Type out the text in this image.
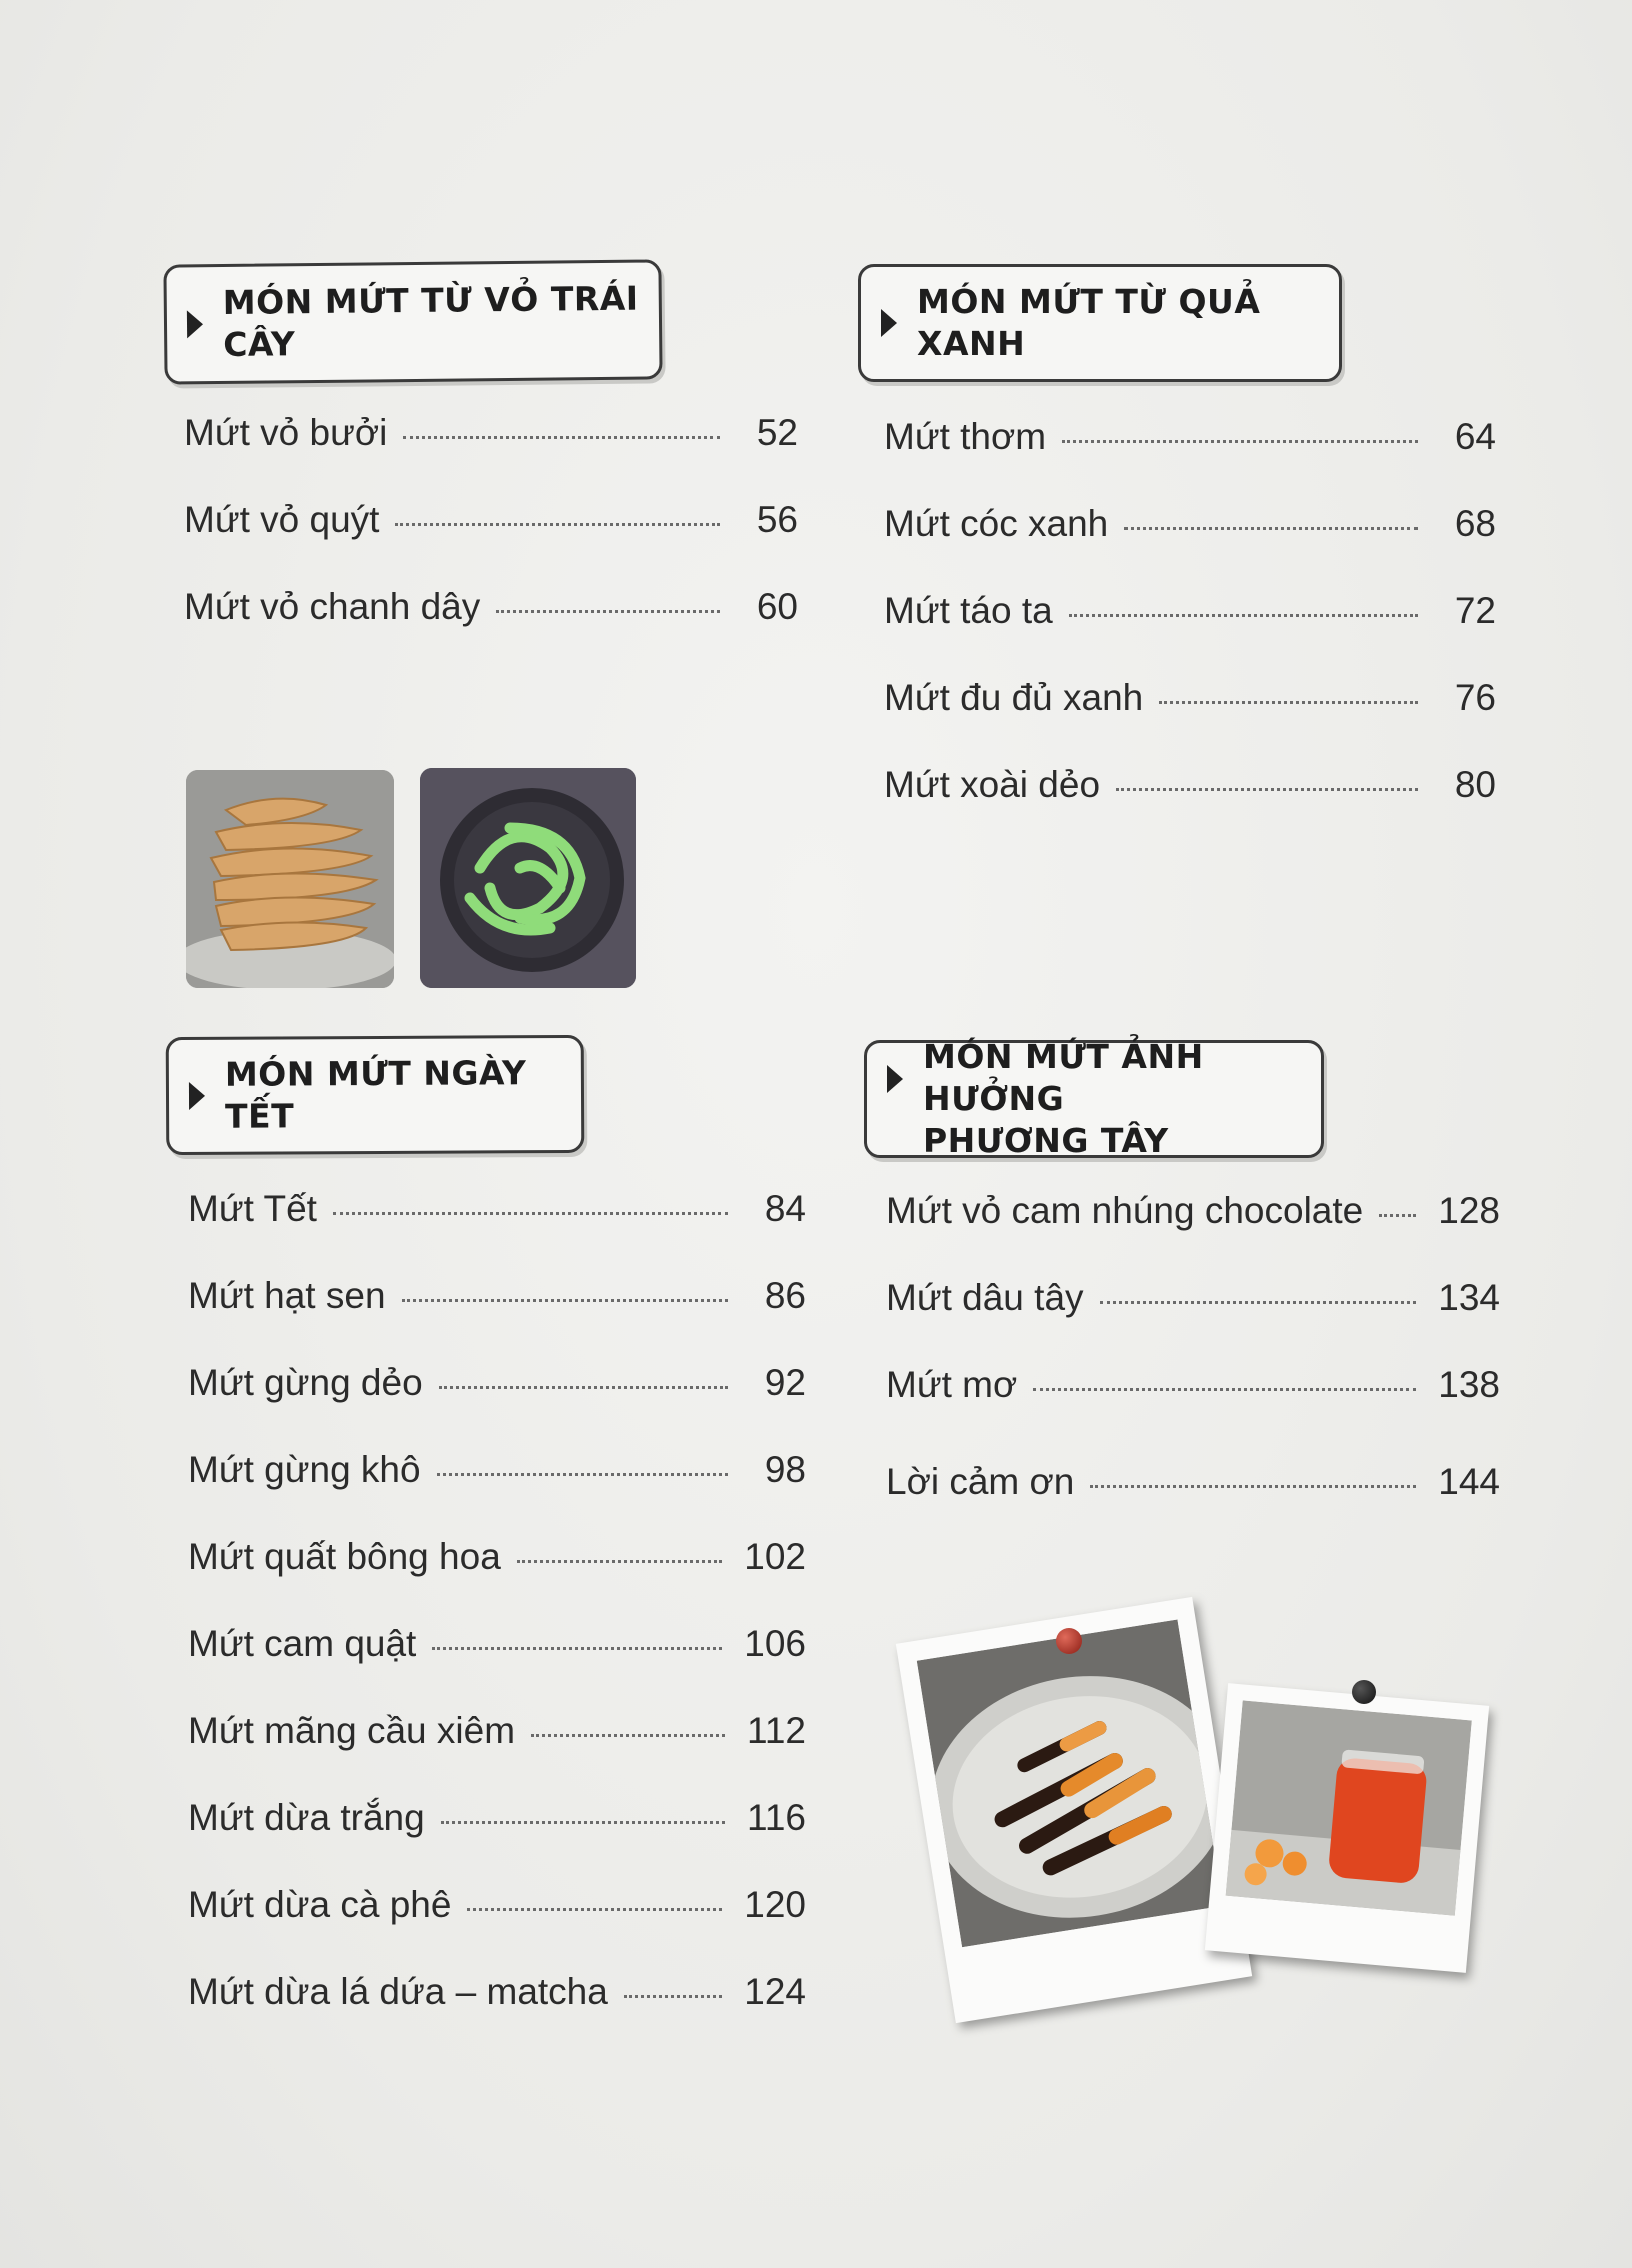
MÓN MỨT TỪ VỎ TRÁI CÂY
Mứt vỏ bưởi	52
Mứt vỏ quýt	56
Mứt vỏ chanh dây	60
MÓN MỨT TỪ QUẢ XANH
Mứt thơm	64
Mứt cóc xanh	68
Mứt táo ta	72
Mứt đu đủ xanh	76
Mứt xoài dẻo	80
MÓN MỨT NGÀY TẾT
Mứt Tết	84
Mứt hạt sen	86
Mứt gừng dẻo	92
Mứt gừng khô	98
Mứt quất bông hoa	102
Mứt cam quật	106
Mứt mãng cầu xiêm	112
Mứt dừa trắng	116
Mứt dừa cà phê	120
Mứt dừa lá dứa – matcha	124
MÓN MỨT ẢNH HƯỞNG
PHƯƠNG TÂY
Mứt vỏ cam nhúng chocolate 128
Mứt dâu tây	134
Mứt mơ	138
Lời cảm ơn	144
